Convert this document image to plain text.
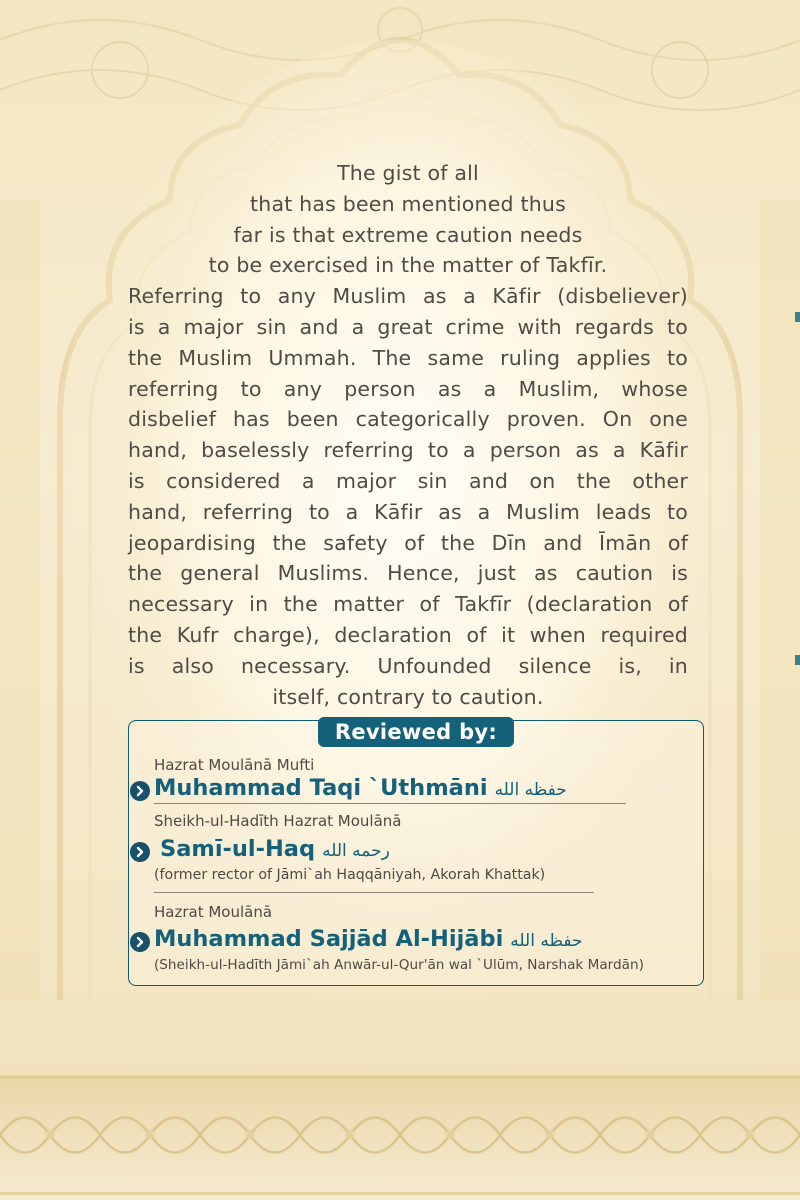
The gist of all
that has been mentioned thus
far is that extreme caution needs
to be exercised in the matter of Takfīr.
Referring to any Muslim as a Kāfir (disbeliever)
is a major sin and a great crime with regards to
the Muslim Ummah. The same ruling applies to
referring to any person as a Muslim, whose
disbelief has been categorically proven. On one
hand, baselessly referring to a person as a Kāfir
is considered a major sin and on the other
hand, referring to a Kāfir as a Muslim leads to
jeopardising the safety of the Dīn and Īmān of
the general Muslims. Hence, just as caution is
necessary in the matter of Takfīr (declaration of
the Kufr charge), declaration of it when required
is also necessary. Unfounded silence is, in
itself, contrary to caution.
Reviewed by:
Hazrat Moulānā Mufti
Muhammad Taqi `Uthmāni حفظه الله
Sheikh-ul-Hadīth Hazrat Moulānā
Samī-ul-Haq رحمه الله
(former rector of Jāmi`ah Haqqāniyah, Akorah Khattak)
Hazrat Moulānā
Muhammad Sajjād Al-Hijābi حفظه الله
(Sheikh-ul-Hadīth Jāmi`ah Anwār-ul-Qur'ān wal `Ulūm, Narshak Mardān)
